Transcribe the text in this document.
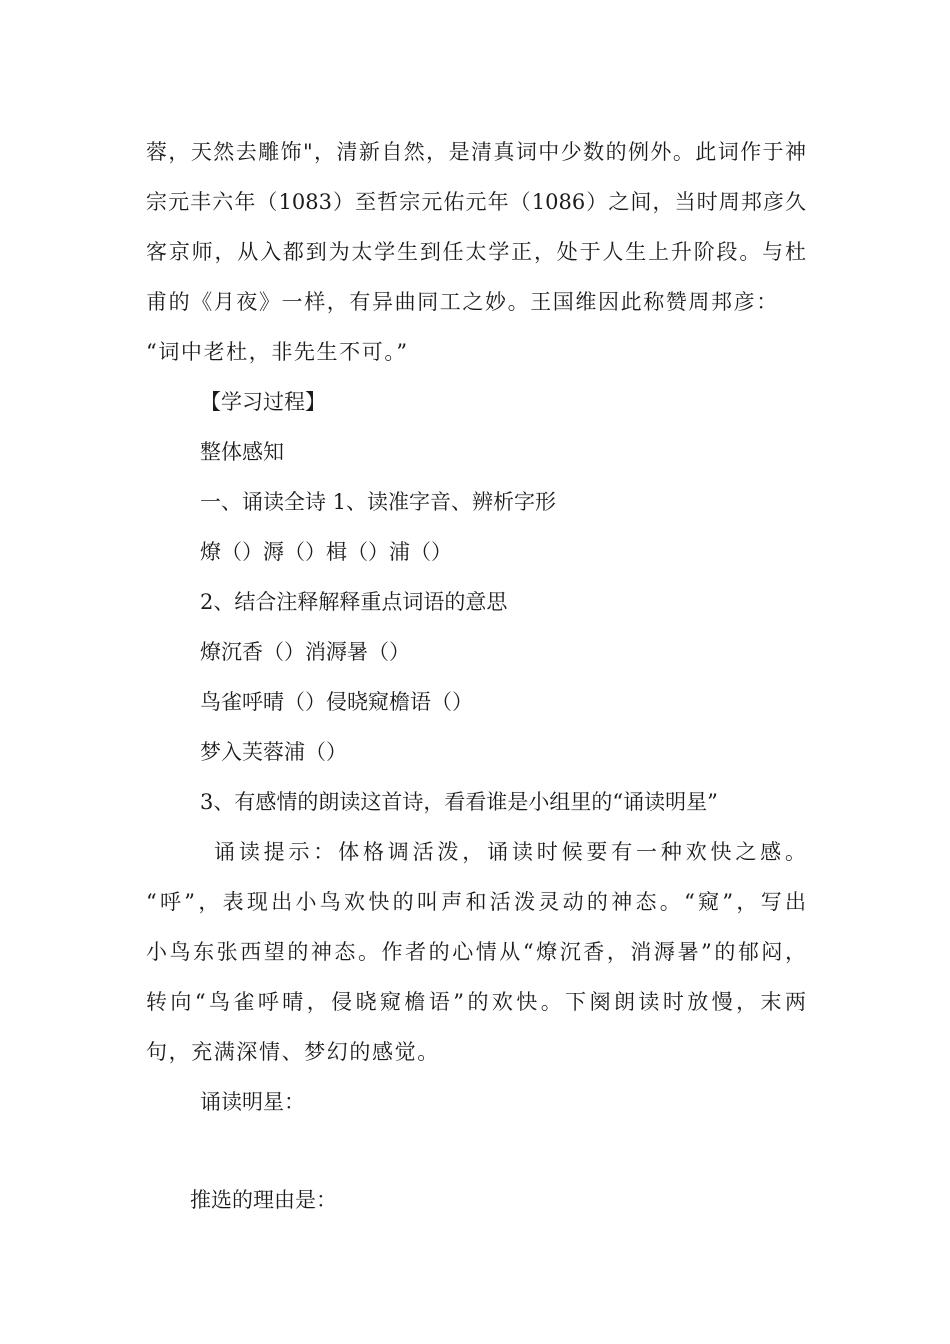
蓉，天然去雕饰"，清新自然，是清真词中少数的例外。此词作于神
宗元丰六年（1083）至哲宗元佑元年（1086）之间，当时周邦彦久
客京师，从入都到为太学生到任太学正，处于人生上升阶段。与杜
甫的《月夜》一样，有异曲同工之妙。王国维因此称赞周邦彦：
“词中老杜，非先生不可。”
【学习过程】
整体感知
一、诵读全诗 1、读准字音、辨析字形
燎（）溽（）楫（）浦（）
2、结合注释解释重点词语的意思
燎沉香（）消溽暑（）
鸟雀呼晴（）侵晓窥檐语（）
梦入芙蓉浦（）
3、有感情的朗读这首诗，看看谁是小组里的“诵读明星”
诵读提示：体格调活泼，诵读时候要有一种欢快之感。
“呼”，表现出小鸟欢快的叫声和活泼灵动的神态。“窥”，写出
小鸟东张西望的神态。作者的心情从“燎沉香，消溽暑”的郁闷，
转向“鸟雀呼晴，侵晓窥檐语”的欢快。下阕朗读时放慢，末两
句，充满深情、梦幻的感觉。
诵读明星：
推选的理由是：
